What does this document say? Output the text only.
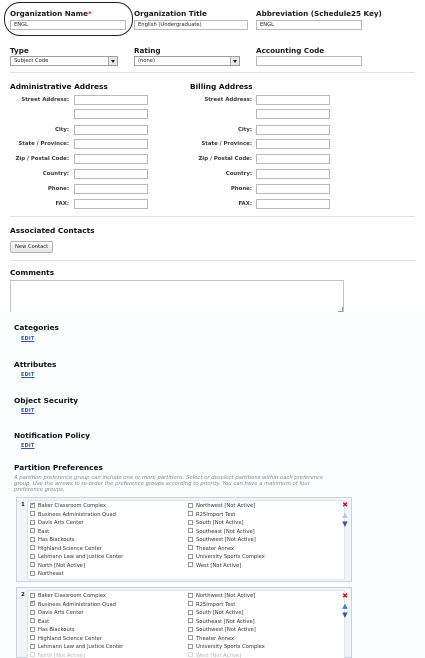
Organization Name*
ENGL
Organization Title
English (Undergraduate)
Abbreviation (Schedule25 Key)
ENGL
Type
Subject Code
Rating
(none)
Accounting Code
Administrative Address
Street Address:
City:
State / Province:
Zip / Postal Code:
Country:
Phone:
FAX:
Billing Address
Street Address:
City:
State / Province:
Zip / Postal Code:
Country:
Phone:
FAX:
Associated Contacts
New Contact
Comments
Categories
EDIT
Attributes
EDIT
Object Security
EDIT
Notification Policy
EDIT
Partition Preferences
A partition preference group can include one or more partitions. Select or deselect partitions within each preference
group. Use the arrows to re-order the preference groups according to priority. You can have a maximum of four
preference groups.
1
✓	Baker Classroom Complex
Business Administration Quad
Davis Arts Center
East
Has Blackouts
Highland Science Center
Lehmann Law and Justice Center
North [Not Active]
Northeast
Northwest [Not Active]
R25Import Test
South [Not Active]
Southeast [Not Active]
Southwest [Not Active]
Theater Annex
University Sports Complex
West [Not Active]
✖
▲
▼
2	Baker Classroom Complex
✓Business Administration Quad
Davis Arts Center
East
Has Blackouts
Highland Science Center
Lehmann Law and Justice Center
North [Not Active]
Northwest [Not Active]
R25Import Test
South [Not Active]
Southeast [Not Active]
Southwest [Not Active]
Theater Annex
University Sports Complex
West [Not Active]
✖
▲
▼
